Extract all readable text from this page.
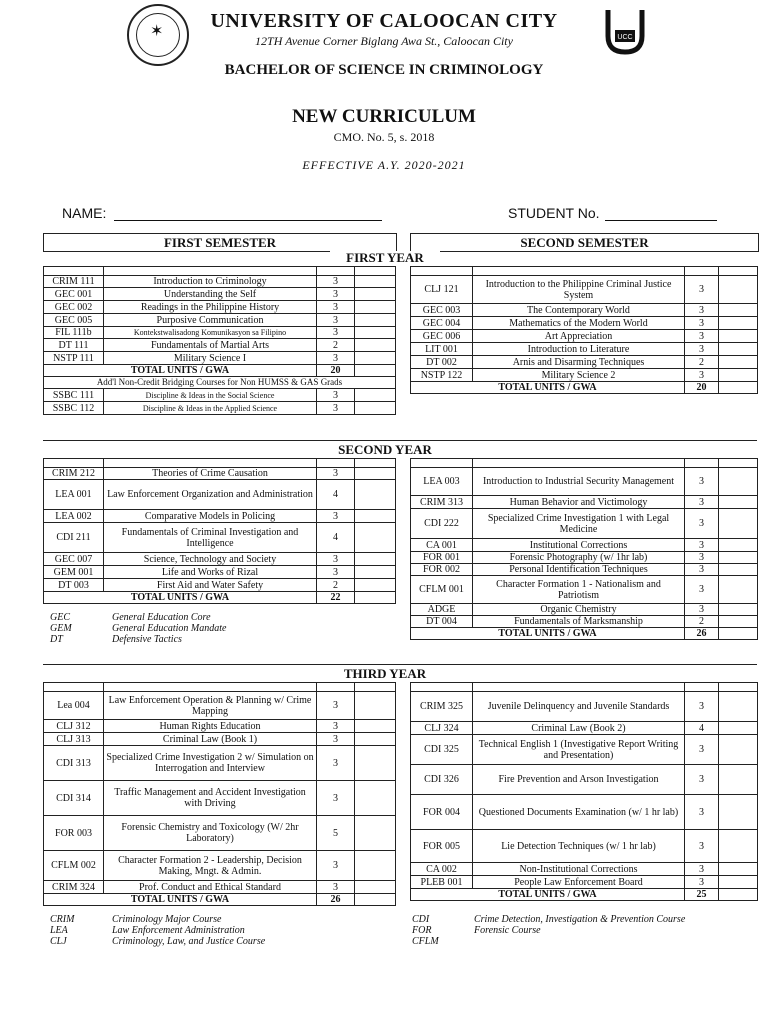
✶	UCC
UNIVERSITY OF CALOOCAN CITY
12TH Avenue Corner Biglang Awa St., Caloocan City
BACHELOR OF SCIENCE IN CRIMINOLOGY
NEW CURRICULUM
CMO. No. 5, s. 2018
EFFECTIVE A.Y. 2020-2021
NAME:	STUDENT No.
FIRST SEMESTER	SECOND SEMESTER
FIRST YEAR

CRIM 111	Introduction to Criminology	3	
GEC 001	Understanding the Self	3	
GEC 002	Readings in the Philippine History	3	
GEC 005	Purposive Communication	3	
FIL 111b	Kontekstwalisadong Komunikasyon sa Filipino	3	
DT 111	Fundamentals of Martial Arts	2	
NSTP 111	Military Science I	3	
TOTAL UNITS / GWA		20	
Add'l Non-Credit Bridging Courses for Non HUMSS & GAS Grads			
SSBC 111	Discipline & Ideas in the Social Science	3	
SSBC 112	Discipline & Ideas in the Applied Science	3	

CLJ 121	Introduction to the Philippine Criminal Justice System	3	
GEC 003	The Contemporary World	3	
GEC 004	Mathematics of the Modern World	3	
GEC 006	Art Appreciation	3	
LIT 001	Introduction to Literature	3	
DT 002	Arnis and Disarming Techniques	2	
NSTP 122	Military Science 2	3	
TOTAL UNITS / GWA		20	
SECOND YEAR

CRIM 212	Theories of Crime Causation	3	
LEA 001	Law Enforcement Organization and Administration	4	
LEA 002	Comparative Models in Policing	3	
CDI 211	Fundamentals of Criminal Investigation and Intelligence	4	
GEC 007	Science, Technology and Society	3	
GEM 001	Life and Works of Rizal	3	
DT 003	First Aid and Water Safety	2	
TOTAL UNITS / GWA		22	

LEA 003	Introduction to Industrial Security Management	3	
CRIM 313	Human Behavior and Victimology	3	
CDI 222	Specialized Crime Investigation 1 with Legal Medicine	3	
CA 001	Institutional Corrections	3	
FOR 001	Forensic Photography (w/ 1hr lab)	3	
FOR 002	Personal Identification Techniques	3	
CFLM 001	Character Formation 1 - Nationalism and Patriotism	3	
ADGE	Organic Chemistry	3	
DT 004	Fundamentals of Marksmanship	2	
TOTAL UNITS / GWA		26	
GEC	General Education Core
GEM	General Education Mandate
DT	Defensive Tactics
THIRD YEAR

Lea 004	Law Enforcement Operation & Planning w/ Crime Mapping	3	
CLJ 312	Human Rights Education	3	
CLJ 313	Criminal Law (Book 1)	3	
CDI 313	Specialized Crime Investigation 2 w/ Simulation on Interrogation and Interview	3	
CDI 314	Traffic Management and Accident Investigation with Driving	3	
FOR 003	Forensic Chemistry and Toxicology (W/ 2hr Laboratory)	5	
CFLM 002	Character Formation 2 - Leadership, Decision Making, Mngt. & Admin.	3	
CRIM 324	Prof. Conduct and Ethical Standard	3	
TOTAL UNITS / GWA		26	

CRIM 325	Juvenile Delinquency and Juvenile Standards	3	
CLJ 324	Criminal Law (Book 2)	4	
CDI 325	Technical English 1 (Investigative Report Writing and Presentation)	3	
CDI 326	Fire Prevention and Arson Investigation	3	
FOR 004	Questioned Documents Examination (w/ 1 hr lab)	3	
FOR 005	Lie Detection Techniques (w/ 1 hr lab)	3	
CA 002	Non-Institutional Corrections	3	
PLEB 001	People Law Enforcement Board	3	
TOTAL UNITS / GWA		25	
CRIM	Criminology Major Course
LEA	Law Enforcement Administration
CLJ	Criminology, Law, and Justice Course
CDI	Crime Detection, Investigation & Prevention Course
FOR	Forensic Course
CFLM
